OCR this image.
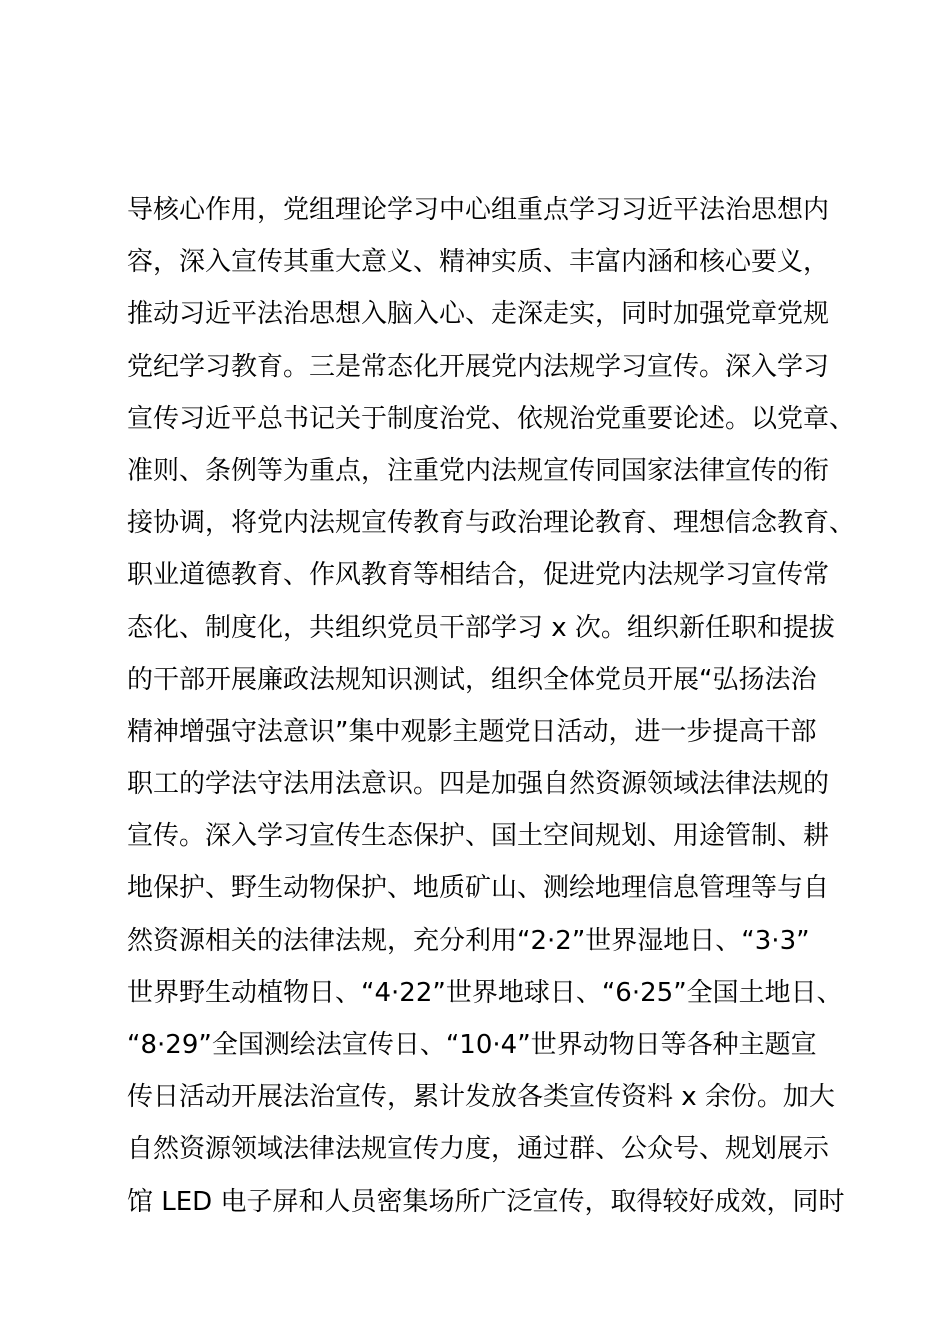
导核心作用，党组理论学习中心组重点学习习近平法治思想内
容，深入宣传其重大意义、精神实质、丰富内涵和核心要义，
推动习近平法治思想入脑入心、走深走实，同时加强党章党规
党纪学习教育。三是常态化开展党内法规学习宣传。深入学习
宣传习近平总书记关于制度治党、依规治党重要论述。以党章、
准则、条例等为重点，注重党内法规宣传同国家法律宣传的衔
接协调，将党内法规宣传教育与政治理论教育、理想信念教育、
职业道德教育、作风教育等相结合，促进党内法规学习宣传常
态化、制度化，共组织党员干部学习 x 次。组织新任职和提拔
的干部开展廉政法规知识测试，组织全体党员开展“弘扬法治
精神增强守法意识”集中观影主题党日活动，进一步提高干部
职工的学法守法用法意识。四是加强自然资源领域法律法规的
宣传。深入学习宣传生态保护、国土空间规划、用途管制、耕
地保护、野生动物保护、地质矿山、测绘地理信息管理等与自
然资源相关的法律法规，充分利用“2·2”世界湿地日、“3·3”
世界野生动植物日、“4·22”世界地球日、“6·25”全国土地日、
“8·29”全国测绘法宣传日、“10·4”世界动物日等各种主题宣
传日活动开展法治宣传，累计发放各类宣传资料 x 余份。加大
自然资源领域法律法规宣传力度，通过群、公众号、规划展示
馆 LED 电子屏和人员密集场所广泛宣传，取得较好成效，同时
